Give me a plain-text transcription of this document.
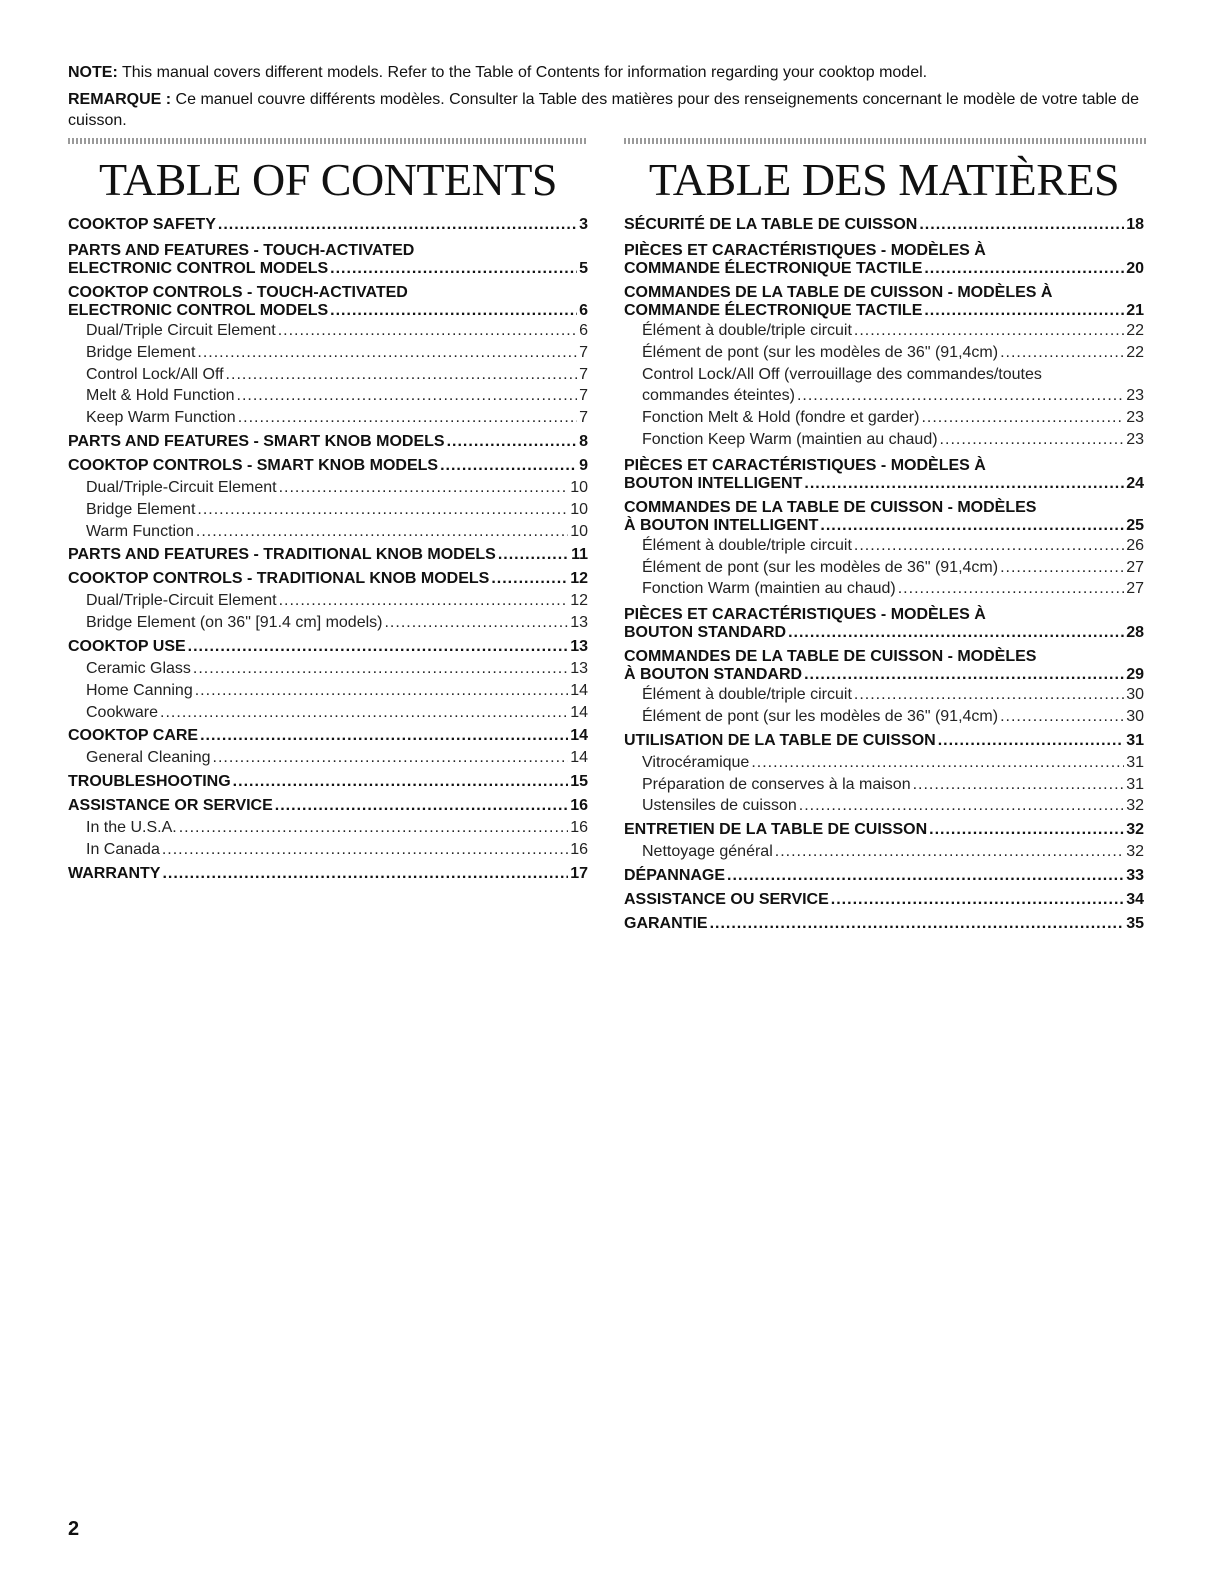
NOTE: This manual covers different models. Refer to the Table of Contents for information regarding your cooktop model.
REMARQUE : Ce manuel couvre différents modèles. Consulter la Table des matières pour des renseignements concernant le modèle de votre table de cuisson.
TABLE OF CONTENTS
COOKTOP SAFETY .....	3
PARTS AND FEATURES - TOUCH-ACTIVATED
ELECTRONIC CONTROL MODELS .....	5
COOKTOP CONTROLS - TOUCH-ACTIVATED
ELECTRONIC CONTROL MODELS .....	6
Dual/Triple Circuit Element .....	6
Bridge Element .....	7
Control Lock/All Off .....	7
Melt & Hold Function .....	7
Keep Warm Function .....	7
PARTS AND FEATURES - SMART KNOB MODELS .....	8
COOKTOP CONTROLS - SMART KNOB MODELS .....	9
Dual/Triple-Circuit Element .....	10
Bridge Element .....	10
Warm Function .....	10
PARTS AND FEATURES - TRADITIONAL KNOB MODELS .....	11
COOKTOP CONTROLS - TRADITIONAL KNOB MODELS .....	12
Dual/Triple-Circuit Element .....	12
Bridge Element (on 36" [91.4 cm] models) .....	13
COOKTOP USE .....	13
Ceramic Glass .....	13
Home Canning .....	14
Cookware .....	14
COOKTOP CARE .....	14
General Cleaning .....	14
TROUBLESHOOTING .....	15
ASSISTANCE OR SERVICE .....	16
In the U.S.A. .....	16
In Canada .....	16
WARRANTY .....	17
TABLE DES MATIÈRES
SÉCURITÉ DE LA TABLE DE CUISSON .....	18
PIÈCES ET CARACTÉRISTIQUES - MODÈLES À
COMMANDE ÉLECTRONIQUE TACTILE .....	20
COMMANDES DE LA TABLE DE CUISSON - MODÈLES À
COMMANDE ÉLECTRONIQUE TACTILE .....	21
Élément à double/triple circuit .....	22
Élément de pont (sur les modèles de 36" (91,4cm) .....	22
Control Lock/All Off (verrouillage des commandes/toutes
commandes éteintes) .....	23
Fonction Melt & Hold (fondre et garder) .....	23
Fonction Keep Warm (maintien au chaud) .....	23
PIÈCES ET CARACTÉRISTIQUES - MODÈLES À
BOUTON INTELLIGENT .....	24
COMMANDES DE LA TABLE DE CUISSON - MODÈLES
À BOUTON INTELLIGENT .....	25
Élément à double/triple circuit .....	26
Élément de pont (sur les modèles de 36" (91,4cm) .....	27
Fonction Warm (maintien au chaud) .....	27
PIÈCES ET CARACTÉRISTIQUES - MODÈLES À
BOUTON STANDARD .....	28
COMMANDES DE LA TABLE DE CUISSON - MODÈLES
À BOUTON STANDARD .....	29
Élément à double/triple circuit .....	30
Élément de pont (sur les modèles de 36" (91,4cm) .....	30
UTILISATION DE LA TABLE DE CUISSON .....	31
Vitrocéramique .....	31
Préparation de conserves à la maison .....	31
Ustensiles de cuisson .....	32
ENTRETIEN DE LA TABLE DE CUISSON .....	32
Nettoyage général .....	32
DÉPANNAGE .....	33
ASSISTANCE OU SERVICE .....	34
GARANTIE .....	35
2
